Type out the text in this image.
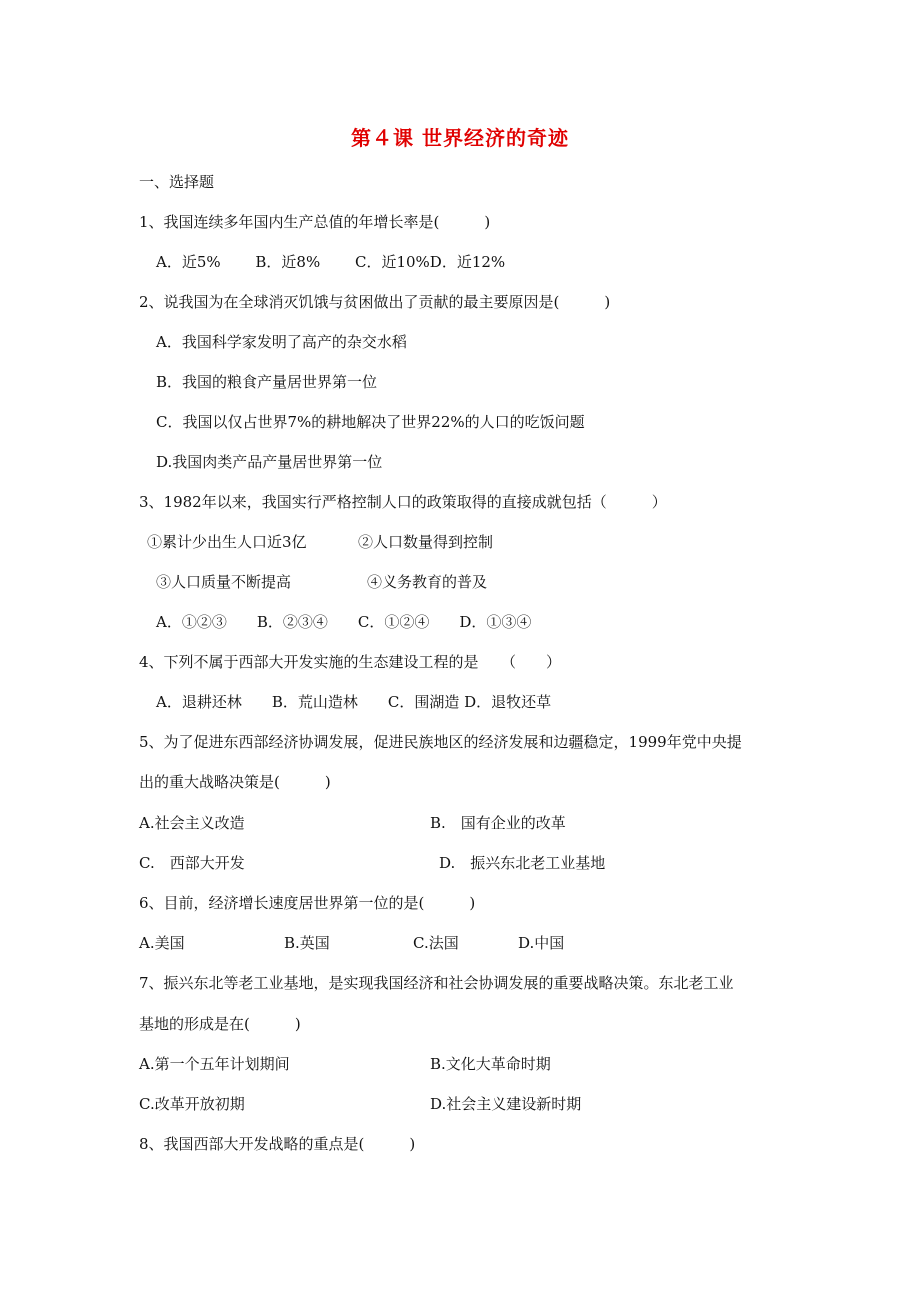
第４课 世界经济的奇迹
一、选择题
1、我国连续多年国内生产总值的年增长率是(　　　)
A．近5%　　 B．近8%　　 C．近10%D．近12%
2、说我国为在全球消灭饥饿与贫困做出了贡献的最主要原因是(　　　)
A．我国科学家发明了高产的杂交水稻
B．我国的粮食产量居世界第一位
C．我国以仅占世界7%的耕地解决了世界22%的人口的吃饭问题
D.我国肉类产品产量居世界第一位
3、1982年以来，我国实行严格控制人口的政策取得的直接成就包括（　　　）
①累计少出生人口近3亿	②人口数量得到控制
③人口质量不断提高	④义务教育的普及
A．①②③　　B．②③④　　C．①②④　　D．①③④
4、下列不属于西部大开发实施的生态建设工程的是　　（　　）
A．退耕还林　　B．荒山造林　　C．围湖造 D．退牧还草
5、为了促进东西部经济协调发展，促进民族地区的经济发展和边疆稳定，1999年党中央提
出的重大战略决策是(　　　)
A.社会主义改造	B.　国有企业的改革
C.　西部大开发	D.　振兴东北老工业基地
6、目前，经济增长速度居世界第一位的是(　　　)
A.美国	B.英国	C.法国	D.中国
7、振兴东北等老工业基地，是实现我国经济和社会协调发展的重要战略决策。东北老工业
基地的形成是在(　　　)
A.第一个五年计划期间	B.文化大革命时期
C.改革开放初期	D.社会主义建设新时期
8、我国西部大开发战略的重点是(　　　)
